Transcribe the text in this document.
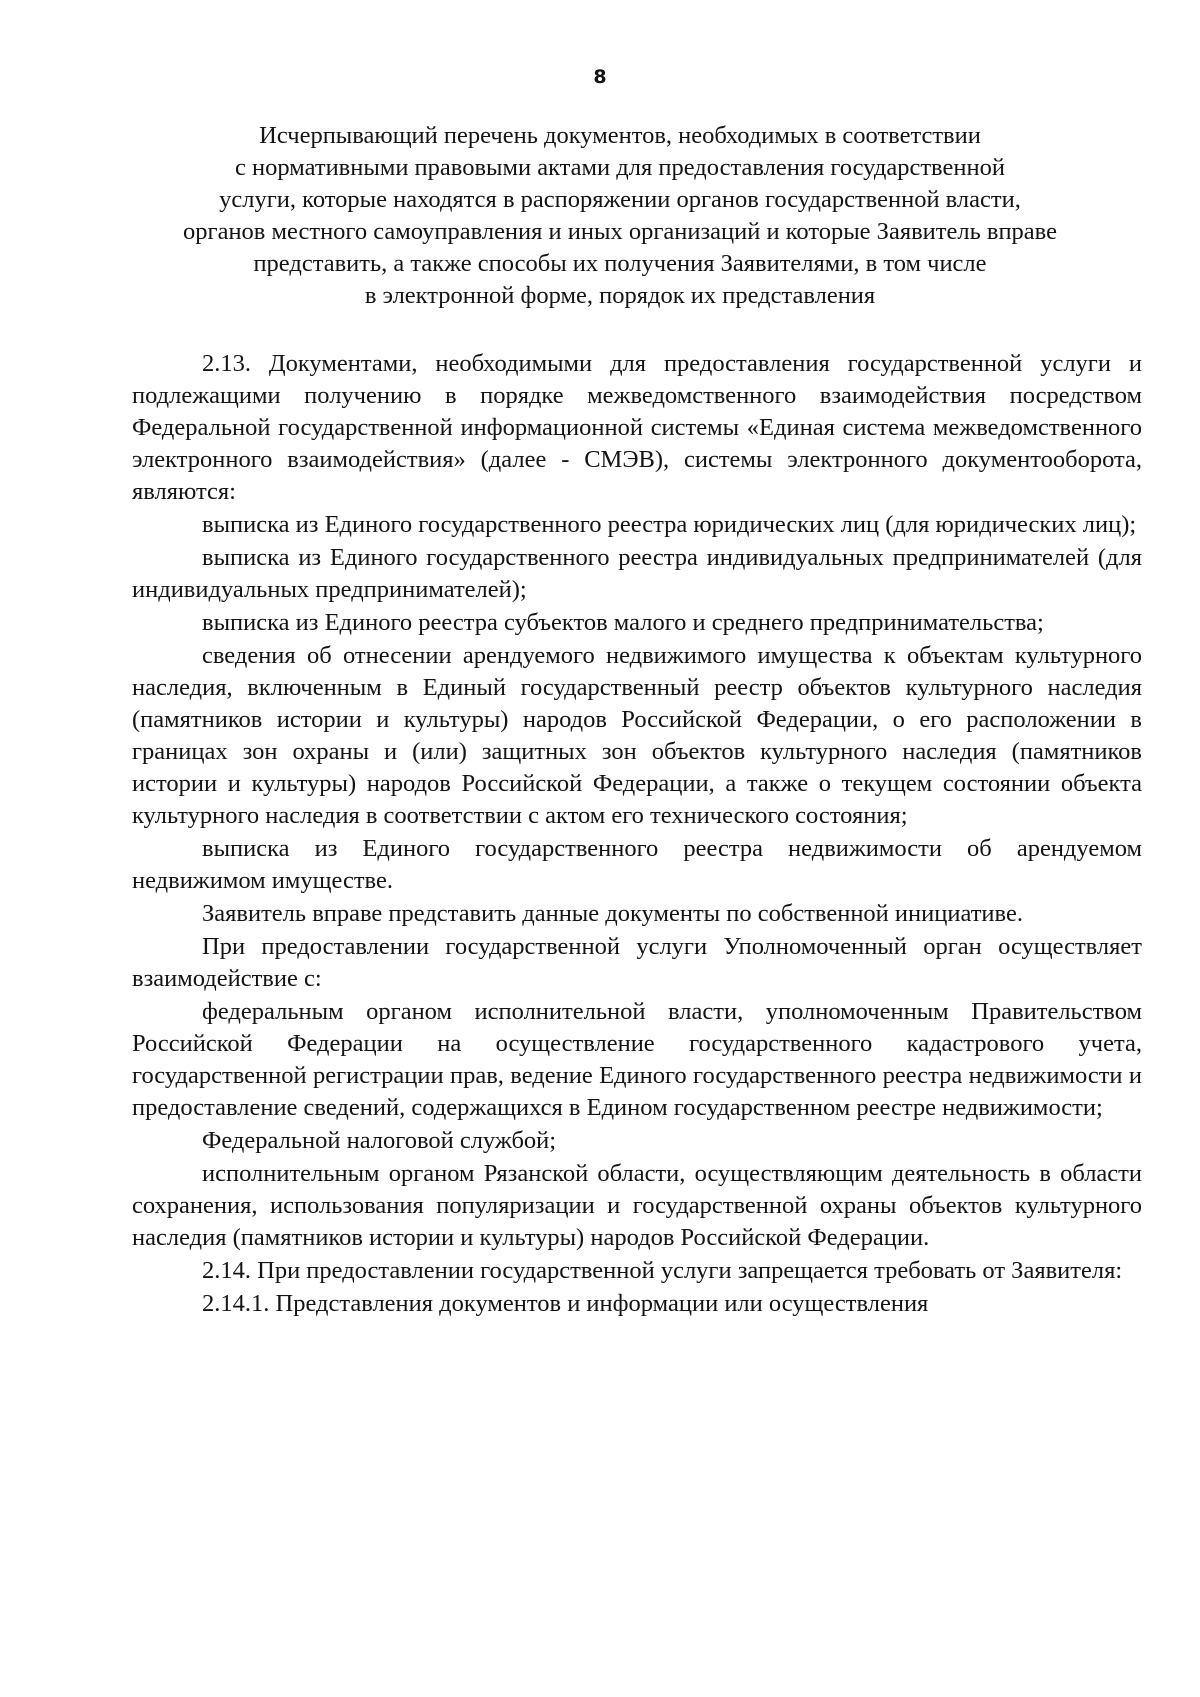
8
Исчерпывающий перечень документов, необходимых в соответствии
с нормативными правовыми актами для предоставления государственной
услуги, которые находятся в распоряжении органов государственной власти,
органов местного самоуправления и иных организаций и которые Заявитель вправе
представить, а также способы их получения Заявителями, в том числе
в электронной форме, порядок их представления

2.13. Документами, необходимыми для предоставления государственной услуги и подлежащими получению в порядке межведомственного взаимодействия посредством Федеральной государственной информационной системы «Единая система межведомственного электронного взаимодействия» (далее - СМЭВ), системы электронного документооборота, являются:

выписка из Единого государственного реестра юридических лиц (для юридических лиц);

выписка из Единого государственного реестра индивидуальных предпринимателей (для индивидуальных предпринимателей);

выписка из Единого реестра субъектов малого и среднего предпринимательства;

сведения об отнесении арендуемого недвижимого имущества к объектам культурного наследия, включенным в Единый государственный реестр объектов культурного наследия (памятников истории и культуры) народов Российской Федерации, о его расположении в границах зон охраны и (или) защитных зон объектов культурного наследия (памятников истории и культуры) народов Российской Федерации, а также о текущем состоянии объекта культурного наследия в соответствии с актом его технического состояния;

выписка из Единого государственного реестра недвижимости об арендуемом недвижимом имуществе.

Заявитель вправе представить данные документы по собственной инициативе.

При предоставлении государственной услуги Уполномоченный орган осуществляет взаимодействие с:

федеральным органом исполнительной власти, уполномоченным Правительством Российской Федерации на осуществление государственного кадастрового учета, государственной регистрации прав, ведение Единого государственного реестра недвижимости и предоставление сведений, содержащихся в Едином государственном реестре недвижимости;

Федеральной налоговой службой;

исполнительным органом Рязанской области, осуществляющим деятельность в области сохранения, использования популяризации и государственной охраны объектов культурного наследия (памятников истории и культуры) народов Российской Федерации.

2.14. При предоставлении государственной услуги запрещается требовать от Заявителя:

2.14.1. Представления документов и информации или осуществления
